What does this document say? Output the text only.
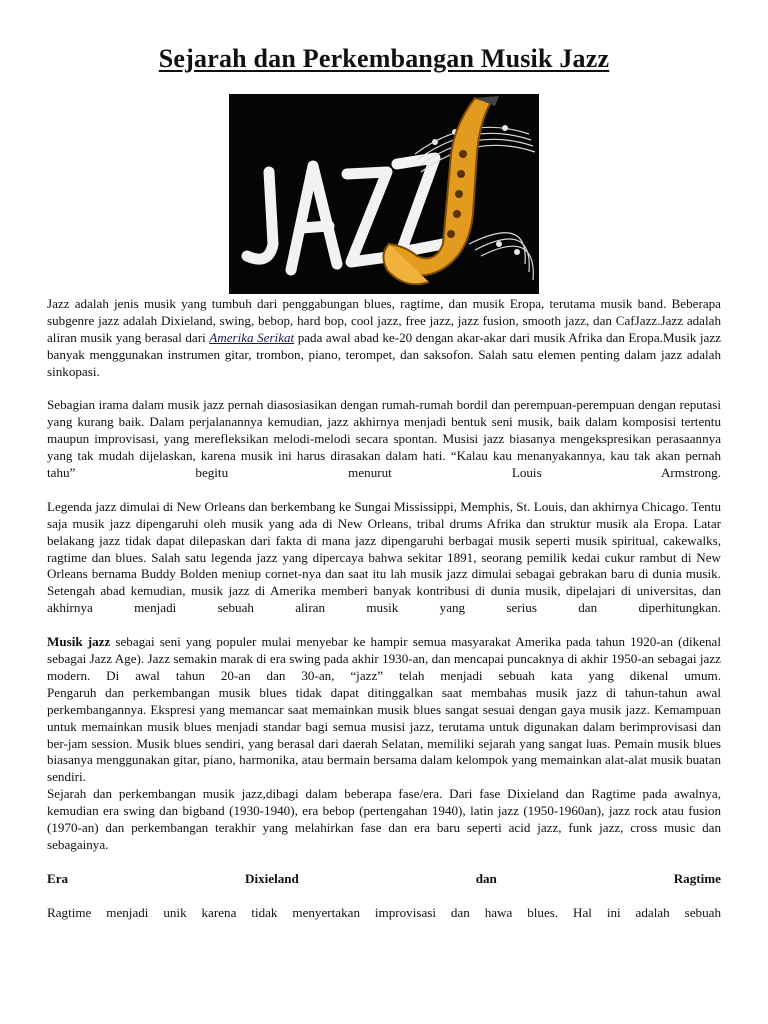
Sejarah dan Perkembangan Musik Jazz

Jazz adalah jenis musik yang tumbuh dari penggabungan blues, ragtime, dan musik Eropa, terutama musik band. Beberapa subgenre jazz adalah Dixieland, swing, bebop, hard bop, cool jazz, free jazz, jazz fusion, smooth jazz, dan CafJazz.Jazz adalah aliran musik yang berasal dari Amerika Serikat pada awal abad ke-20 dengan akar-akar dari musik Afrika dan Eropa.Musik jazz banyak menggunakan instrumen gitar, trombon, piano, terompet, dan saksofon. Salah satu elemen penting dalam jazz adalah sinkopasi.

Sebagian irama dalam musik jazz pernah diasosiasikan dengan rumah-rumah bordil dan perempuan-perempuan dengan reputasi yang kurang baik. Dalam perjalanannya kemudian, jazz akhirnya menjadi bentuk seni musik, baik dalam komposisi tertentu maupun improvisasi, yang merefleksikan melodi-melodi secara spontan. Musisi jazz biasanya mengekspresikan perasaannya yang tak mudah dijelaskan, karena musik ini harus dirasakan dalam hati. “Kalau kau menanyakannya, kau tak akan pernah tahu” begitu menurut Louis Armstrong.

Legenda jazz dimulai di New Orleans dan berkembang ke Sungai Mississippi, Memphis, St. Louis, dan akhirnya Chicago. Tentu saja musik jazz dipengaruhi oleh musik yang ada di New Orleans, tribal drums Afrika dan struktur musik ala Eropa. Latar belakang jazz tidak dapat dilepaskan dari fakta di mana jazz dipengaruhi berbagai musik seperti musik spiritual, cakewalks, ragtime dan blues. Salah satu legenda jazz yang dipercaya bahwa sekitar 1891, seorang pemilik kedai cukur rambut di New Orleans bernama Buddy Bolden meniup cornet-nya dan saat itu lah musik jazz dimulai sebagai gebrakan baru di dunia musik. Setengah abad kemudian, musik jazz di Amerika memberi banyak kontribusi di dunia musik, dipelajari di universitas, dan akhirnya menjadi sebuah aliran musik yang serius dan diperhitungkan.

Musik jazz sebagai seni yang populer mulai menyebar ke hampir semua masyarakat Amerika pada tahun 1920-an (dikenal sebagai Jazz Age). Jazz semakin marak di era swing pada akhir 1930-an, dan mencapai puncaknya di akhir 1950-an sebagai jazz modern. Di awal tahun 20-an dan 30-an, “jazz” telah menjadi sebuah kata yang dikenal umum.

Pengaruh dan perkembangan musik blues tidak dapat ditinggalkan saat membahas musik jazz di tahun-tahun awal perkembangannya. Ekspresi yang memancar saat memainkan musik blues sangat sesuai dengan gaya musik jazz. Kemampuan untuk memainkan musik blues menjadi standar bagi semua musisi jazz, terutama untuk digunakan dalam berimprovisasi dan ber-jam session. Musik blues sendiri, yang berasal dari daerah Selatan, memiliki sejarah yang sangat luas. Pemain musik blues biasanya menggunakan gitar, piano, harmonika, atau bermain bersama dalam kelompok yang memainkan alat-alat musik buatan sendiri.

Sejarah dan perkembangan musik jazz,dibagi dalam beberapa fase/era. Dari fase Dixieland dan Ragtime pada awalnya, kemudian era swing dan bigband (1930-1940), era bebop (pertengahan 1940), latin jazz (1950-1960an), jazz rock atau fusion (1970-an) dan perkembangan terakhir yang melahirkan fase dan era baru seperti acid jazz, funk jazz, cross music dan sebagainya.

Era Dixieland dan Ragtime

Ragtime menjadi unik karena tidak menyertakan improvisasi dan hawa blues. Hal ini adalah sebuah
